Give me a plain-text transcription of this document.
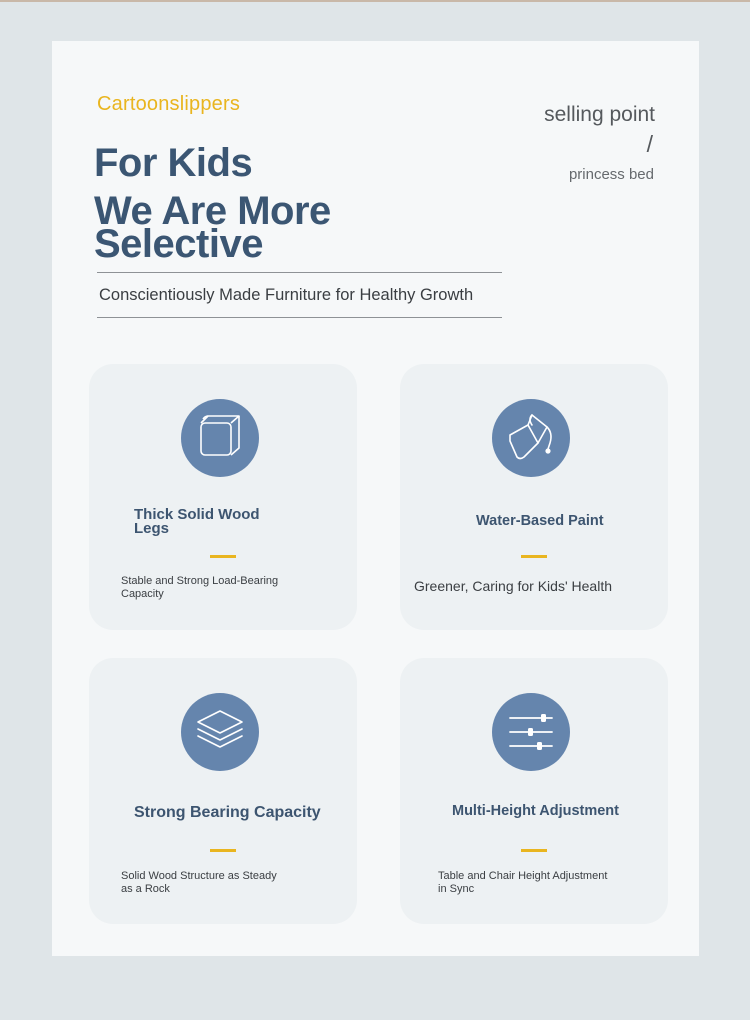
Cartoonslippers	selling point
/
princess bed
For Kids
We Are More
Selective
Conscientiously Made Furniture for Healthy Growth
Thick Solid Wood
Legs
Stable and Strong Load-Bearing
Capacity
Water-Based Paint
Greener, Caring for Kids' Health
Strong Bearing Capacity
Solid Wood Structure as Steady
as a Rock
Multi-Height Adjustment
Table and Chair Height Adjustment
in Sync
